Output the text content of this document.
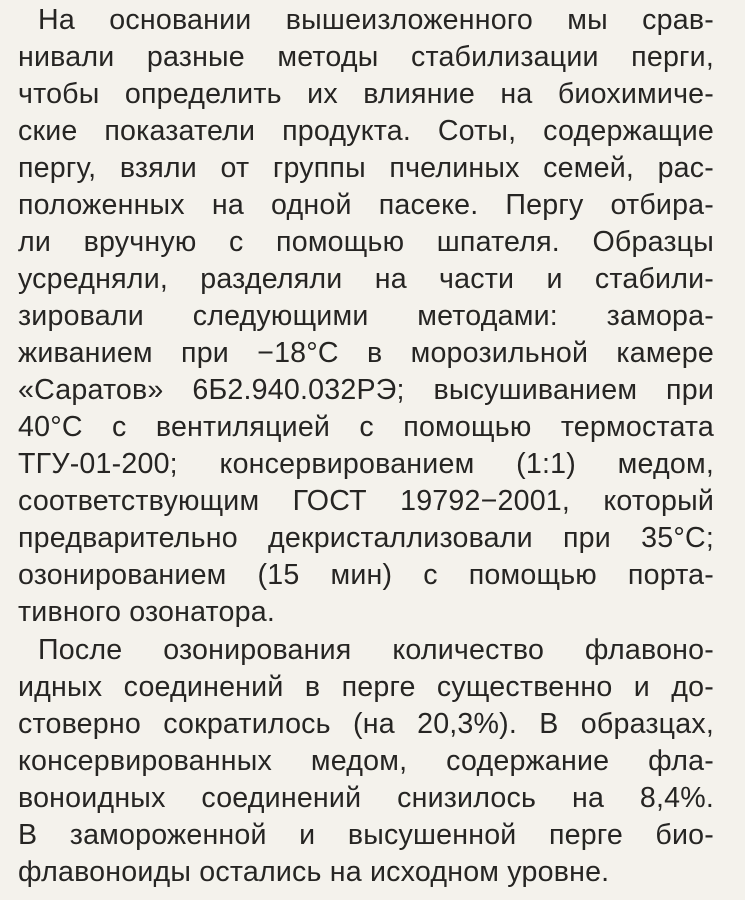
На основании вышеизложенного мы срав-
нивали разные методы стабилизации перги,
чтобы определить их влияние на биохимиче-
ские показатели продукта. Соты, содержащие
пергу, взяли от группы пчелиных семей, рас-
положенных на одной пасеке. Пергу отбира-
ли вручную с помощью шпателя. Образцы
усредняли, разделяли на части и стабили-
зировали следующими методами: замора-
живанием при −18°С в морозильной камере
«Саратов» 6Б2.940.032РЭ; высушиванием при
40°С с вентиляцией с помощью термостата
ТГУ-01-200; консервированием (1:1) медом,
соответствующим ГОСТ 19792−2001, который
предварительно декристаллизовали при 35°С;
озонированием (15 мин) с помощью порта-
тивного озонатора.
После озонирования количество флавоно-
идных соединений в перге существенно и до-
стоверно сократилось (на 20,3%). В образцах,
консервированных медом, содержание фла-
воноидных соединений снизилось на 8,4%.
В замороженной и высушенной перге био-
флавоноиды остались на исходном уровне.
